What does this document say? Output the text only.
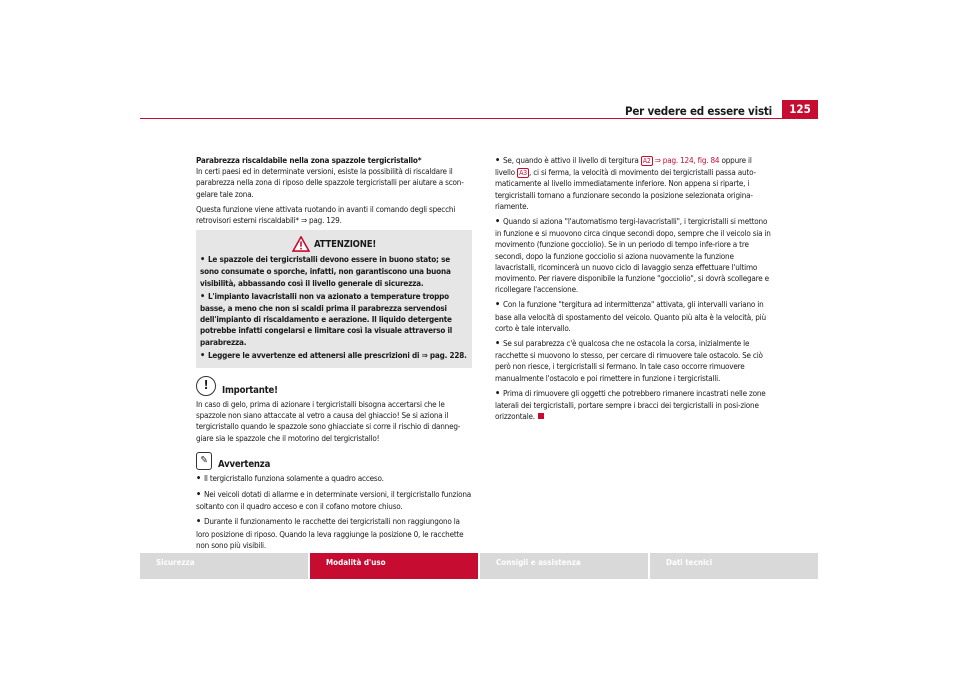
Per vedere ed essere visti	125

Parabrezza riscaldabile nella zona spazzole tergicristallo*

In certi paesi ed in determinate versioni, esiste la possibilità di riscaldare il parabrezza nella zona di riposo delle spazzole tergicristalli per aiutare a scon-gelare tale zona.

Questa funzione viene attivata ruotando in avanti il comando degli specchi retrovisori esterni riscaldabili* ⇒ pag. 129.

ATTENZIONE!

• Le spazzole dei tergicristalli devono essere in buono stato; se sono consumate o sporche, infatti, non garantiscono una buona visibilità, abbassando così il livello generale di sicurezza.

• L'impianto lavacristalli non va azionato a temperature troppo basse, a meno che non si scaldi prima il parabrezza servendosi dell'impianto di riscaldamento e aerazione. Il liquido detergente potrebbe infatti congelarsi e limitare così la visuale attraverso il parabrezza.

• Leggere le avvertenze ed attenersi alle prescrizioni di ⇒ pag. 228.

!	Importante!

In caso di gelo, prima di azionare i tergicristalli bisogna accertarsi che le spazzole non siano attaccate al vetro a causa del ghiaccio! Se si aziona il tergicristallo quando le spazzole sono ghiacciate si corre il rischio di danneg-giare sia le spazzole che il motorino del tergicristallo!

✎	Avvertenza

• Il tergicristallo funziona solamente a quadro acceso.

• Nei veicoli dotati di allarme e in determinate versioni, il tergicristallo funziona soltanto con il quadro acceso e con il cofano motore chiuso.

• Durante il funzionamento le racchette dei tergicristalli non raggiungono la loro posizione di riposo. Quando la leva raggiunge la posizione 0, le racchette non sono più visibili.

• Se, quando è attivo il livello di tergitura A2 ⇒ pag. 124, fig. 84 oppure il livello A3 , ci si ferma, la velocità di movimento dei tergicristalli passa auto-maticamente al livello immediatamente inferiore. Non appena si riparte, i tergicristalli tornano a funzionare secondo la posizione selezionata origina-riamente.

• Quando si aziona "l'automatismo tergi-lavacristalli", i tergicristalli si mettono in funzione e si muovono circa cinque secondi dopo, sempre che il veicolo sia in movimento (funzione gocciolio). Se in un periodo di tempo infe-riore a tre secondi, dopo la funzione gocciolio si aziona nuovamente la funzione lavacristalli, ricomincerà un nuovo ciclo di lavaggio senza effettuare l'ultimo movimento. Per riavere disponibile la funzione "gocciolio", si dovrà scollegare e ricollegare l'accensione.

• Con la funzione "tergitura ad intermittenza" attivata, gli intervalli variano in base alla velocità di spostamento del veicolo. Quanto più alta è la velocità, più corto è tale intervallo.

• Se sul parabrezza c'è qualcosa che ne ostacola la corsa, inizialmente le racchette si muovono lo stesso, per cercare di rimuovere tale ostacolo. Se ciò però non riesce, i tergicristalli si fermano. In tale caso occorre rimuovere manualmente l'ostacolo e poi rimettere in funzione i tergicristalli.

• Prima di rimuovere gli oggetti che potrebbero rimanere incastrati nelle zone laterali dei tergicristalli, portare sempre i bracci dei tergicristalli in posi-zione orizzontale.

Sicurezza	Modalità d'uso	Consigli e assistenza	Dati tecnici
